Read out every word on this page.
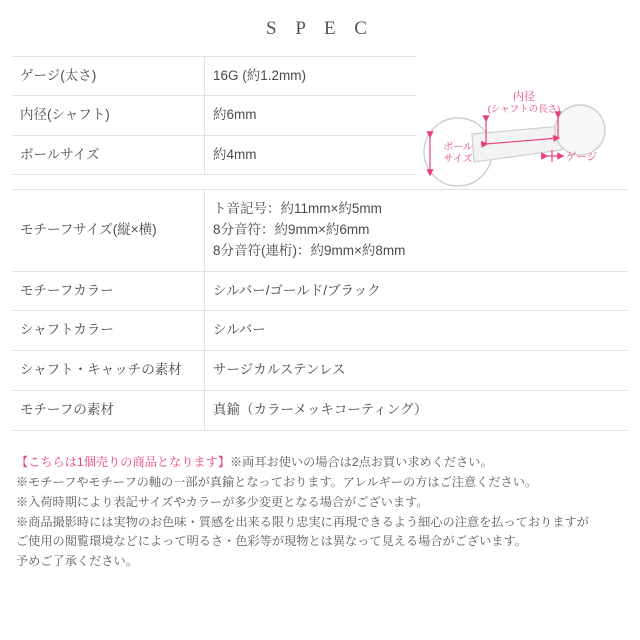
S P E C
ゲージ(太さ)	16G (約1.2mm)
内径(シャフト)	約6mm
ボールサイズ	約4mm
内径
(シャフトの長さ)
ゲージ
ボール
サイズ
モチーフサイズ(縦×横)	ト音記号：約11mm×約5mm
8分音符：約9mm×約6mm
8分音符(連桁)：約9mm×約8mm

モチーフカラー	シルバー/ゴールド/ブラック
シャフトカラー	シルバー
シャフト・キャッチの素材	サージカルステンレス
モチーフの素材	真鍮（カラーメッキコーティング）
【こちらは1個売りの商品となります】※両耳お使いの場合は2点お買い求めください。
※モチーフやモチーフの軸の一部が真鍮となっております。アレルギーの方はご注意ください。
※入荷時期により表記サイズやカラーが多少変更となる場合がございます。
※商品撮影時には実物のお色味・質感を出来る限り忠実に再現できるよう細心の注意を払っておりますが
ご使用の閲覧環境などによって明るさ・色彩等が現物とは異なって見える場合がございます。
予めご了承ください。
